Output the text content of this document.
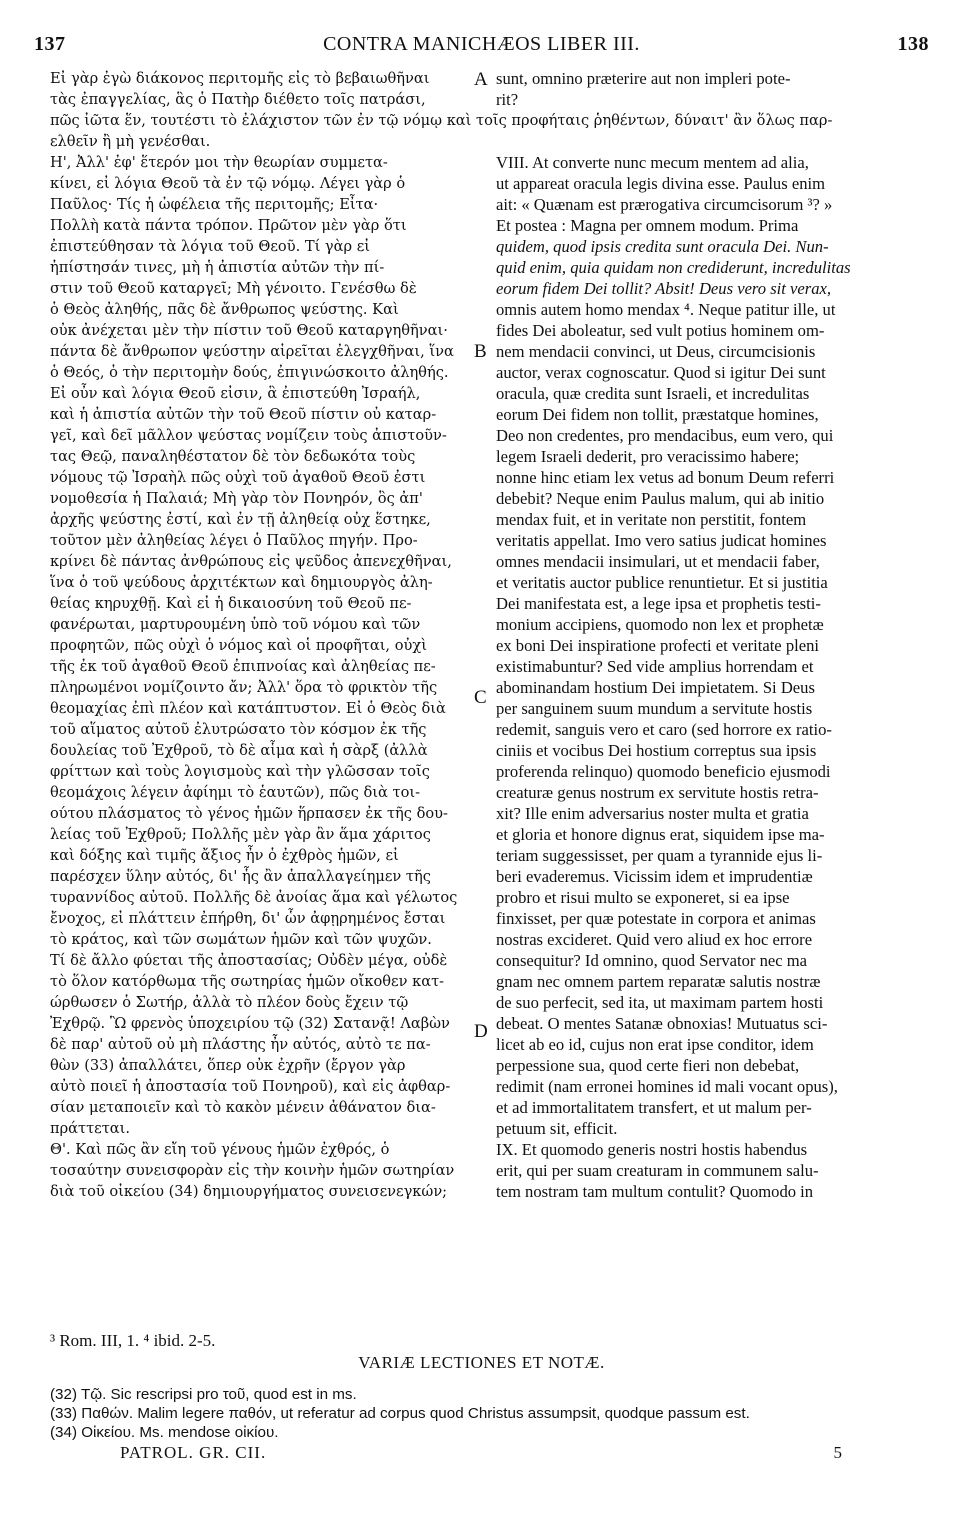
137	CONTRA MANICHÆOS LIBER III.	138
Εἰ γὰρ ἐγὼ διάκονος περιτομῆς εἰς τὸ βεβαιωθῆναι
τὰς ἐπαγγελίας, ἃς ὁ Πατὴρ διέθετο τοῖς πατράσι,
sunt, omnino præterire aut non impleri pote-
rit?
πῶς ἰῶτα ἕν, τουτέστι τὸ ἐλάχιστον τῶν ἐν τῷ νόμῳ καὶ τοῖς προφήταις ῥηθέντων, δύναιτ' ἂν ὅλως παρ-
ελθεῖν ἢ μὴ γενέσθαι.
Η', Ἀλλ' ἐφ' ἕτερόν μοι τὴν θεωρίαν συμμετα-
κίνει, εἰ λόγια Θεοῦ τὰ ἐν τῷ νόμῳ. Λέγει γὰρ ὁ
Παῦλος· Τίς ἡ ὠφέλεια τῆς περιτομῆς; Εἶτα·
Πολλὴ κατὰ πάντα τρόπον. Πρῶτον μὲν γὰρ ὅτι
ἐπιστεύθησαν τὰ λόγια τοῦ Θεοῦ. Τί γὰρ εἰ
ἠπίστησάν τινες, μὴ ἡ ἀπιστία αὐτῶν τὴν πί-
στιν τοῦ Θεοῦ καταργεῖ; Μὴ γένοιτο. Γενέσθω δὲ
ὁ Θεὸς ἀληθής, πᾶς δὲ ἄνθρωπος ψεύστης. Καὶ
οὐκ ἀνέχεται μὲν τὴν πίστιν τοῦ Θεοῦ καταργηθῆναι·
πάντα δὲ ἄνθρωπον ψεύστην αἱρεῖται ἐλεγχθῆναι, ἵνα
ὁ Θεός, ὁ τὴν περιτομὴν δούς, ἐπιγινώσκοιτο ἀληθής.
Εἰ οὖν καὶ λόγια Θεοῦ εἰσιν, ἃ ἐπιστεύθη Ἰσραήλ,
καὶ ἡ ἀπιστία αὐτῶν τὴν τοῦ Θεοῦ πίστιν οὐ καταρ-
γεῖ, καὶ δεῖ μᾶλλον ψεύστας νομίζειν τοὺς ἀπιστοῦν-
τας Θεῷ, παναληθέστατον δὲ τὸν δεδωκότα τοὺς
νόμους τῷ Ἰσραὴλ πῶς οὐχὶ τοῦ ἀγαθοῦ Θεοῦ ἐστι
νομοθεσία ἡ Παλαιά; Μὴ γὰρ τὸν Πονηρόν, ὃς ἀπ'
ἀρχῆς ψεύστης ἐστί, καὶ ἐν τῇ ἀληθείᾳ οὐχ ἕστηκε,
τοῦτον μὲν ἀληθείας λέγει ὁ Παῦλος πηγήν. Προ-
κρίνει δὲ πάντας ἀνθρώπους εἰς ψεῦδος ἀπενεχθῆναι,
ἵνα ὁ τοῦ ψεύδους ἀρχιτέκτων καὶ δημιουργὸς ἀλη-
θείας κηρυχθῇ. Καὶ εἰ ἡ δικαιοσύνη τοῦ Θεοῦ πε-
φανέρωται, μαρτυρουμένη ὑπὸ τοῦ νόμου καὶ τῶν
προφητῶν, πῶς οὐχὶ ὁ νόμος καὶ οἱ προφῆται, οὐχὶ
τῆς ἐκ τοῦ ἀγαθοῦ Θεοῦ ἐπιπνοίας καὶ ἀληθείας πε-
πληρωμένοι νομίζοιντο ἄν; Ἀλλ' ὅρα τὸ φρικτὸν τῆς
θεομαχίας ἐπὶ πλέον καὶ κατάπτυστον. Εἰ ὁ Θεὸς διὰ
τοῦ αἵματος αὐτοῦ ἐλυτρώσατο τὸν κόσμον ἐκ τῆς
δουλείας τοῦ Ἐχθροῦ, τὸ δὲ αἷμα καὶ ἡ σὰρξ (ἀλλὰ
φρίττων καὶ τοὺς λογισμοὺς καὶ τὴν γλῶσσαν τοῖς
θεομάχοις λέγειν ἀφίημι τὸ ἑαυτῶν), πῶς διὰ τοι-
ούτου πλάσματος τὸ γένος ἡμῶν ἥρπασεν ἐκ τῆς δου-
λείας τοῦ Ἐχθροῦ; Πολλῆς μὲν γὰρ ἂν ἅμα χάριτος
καὶ δόξης καὶ τιμῆς ἄξιος ἦν ὁ ἐχθρὸς ἡμῶν, εἰ
παρέσχεν ὕλην αὐτός, δι' ἧς ἂν ἀπαλλαγείημεν τῆς
τυραννίδος αὐτοῦ. Πολλῆς δὲ ἀνοίας ἅμα καὶ γέλωτος
ἔνοχος, εἰ πλάττειν ἐπήρθη, δι' ὧν ἀφῃρημένος ἔσται
τὸ κράτος, καὶ τῶν σωμάτων ἡμῶν καὶ τῶν ψυχῶν.
Τί δὲ ἄλλο φύεται τῆς ἀποστασίας; Οὐδὲν μέγα, οὐδὲ
τὸ ὅλον κατόρθωμα τῆς σωτηρίας ἡμῶν οἴκοθεν κατ-
ώρθωσεν ὁ Σωτήρ, ἀλλὰ τὸ πλέον δοὺς ἔχειν τῷ
Ἐχθρῷ. Ὢ φρενὸς ὑποχειρίου τῷ (32) Σατανᾷ! Λαβὼν
δὲ παρ' αὐτοῦ οὐ μὴ πλάστης ἦν αὐτός, αὐτὸ τε πα-
θὼν (33) ἀπαλλάτει, ὅπερ οὐκ ἐχρῆν (ἔργον γὰρ
αὐτὸ ποιεῖ ἡ ἀποστασία τοῦ Πονηροῦ), καὶ εἰς ἀφθαρ-
σίαν μεταποιεῖν καὶ τὸ κακὸν μένειν ἀθάνατον δια-
πράττεται.
Θ'. Καὶ πῶς ἂν εἴη τοῦ γένους ἡμῶν ἐχθρός, ὁ
τοσαύτην συνεισφορὰν εἰς τὴν κοινὴν ἡμῶν σωτηρίαν
διὰ τοῦ οἰκείου (34) δημιουργήματος συνεισενεγκών;
VIII. At converte nunc mecum mentem ad alia,
ut appareat oracula legis divina esse. Paulus enim
ait: « Quænam est prærogativa circumcisorum ³? »
Et postea : Magna per omnem modum. Prima
quidem, quod ipsis credita sunt oracula Dei. Nun-
quid enim, quia quidam non crediderunt, incredulitas
eorum fidem Dei tollit? Absit! Deus vero sit verax,
omnis autem homo mendax ⁴. Neque patitur ille, ut
fides Dei aboleatur, sed vult potius hominem om-
nem mendacii convinci, ut Deus, circumcisionis
auctor, verax cognoscatur. Quod si igitur Dei sunt
oracula, quæ credita sunt Israeli, et incredulitas
eorum Dei fidem non tollit, præstatque homines,
Deo non credentes, pro mendacibus, eum vero, qui
legem Israeli dederit, pro veracissimo habere;
nonne hinc etiam lex vetus ad bonum Deum referri
debebit? Neque enim Paulus malum, qui ab initio
mendax fuit, et in veritate non perstitit, fontem
veritatis appellat. Imo vero satius judicat homines
omnes mendacii insimulari, ut et mendacii faber,
et veritatis auctor publice renuntietur. Et si justitia
Dei manifestata est, a lege ipsa et prophetis testi-
monium accipiens, quomodo non lex et prophetæ
ex boni Dei inspiratione profecti et veritate pleni
existimabuntur? Sed vide amplius horrendam et
abominandam hostium Dei impietatem. Si Deus
per sanguinem suum mundum a servitute hostis
redemit, sanguis vero et caro (sed horrore ex ratio-
ciniis et vocibus Dei hostium correptus sua ipsis
proferenda relinquo) quomodo beneficio ejusmodi
creaturæ genus nostrum ex servitute hostis retra-
xit? Ille enim adversarius noster multa et gratia
et gloria et honore dignus erat, siquidem ipse ma-
teriam suggessisset, per quam a tyrannide ejus li-
beri evaderemus. Vicissim idem et imprudentiæ
probro et risui multo se exponeret, si ea ipse
finxisset, per quæ potestate in corpora et animas
nostras excideret. Quid vero aliud ex hoc errore
consequitur? Id omnino, quod Servator nec ma
gnam nec omnem partem reparatæ salutis nostræ
de suo perfecit, sed ita, ut maximam partem hosti
debeat. O mentes Satanæ obnoxias! Mutuatus sci-
licet ab eo id, cujus non erat ipse conditor, idem
perpessione sua, quod certe fieri non debebat,
redimit (nam erronei homines id mali vocant opus),
et ad immortalitatem transfert, et ut malum per-
petuum sit, efficit.
IX. Et quomodo generis nostri hostis habendus
erit, qui per suam creaturam in communem salu-
tem nostram tam multum contulit? Quomodo in
A
B
C
D
³ Rom. III, 1. ⁴ ibid. 2-5.
VARIÆ LECTIONES ET NOTÆ.
(32) Τῷ. Sic rescripsi pro τοῦ, quod est in ms.
(33) Παθών. Malim legere παθόν, ut referatur ad corpus quod Christus assumpsit, quodque passum est.
(34) Οἰκείου. Ms. mendose οἰκίου.
PATROL. GR. CII.	5
